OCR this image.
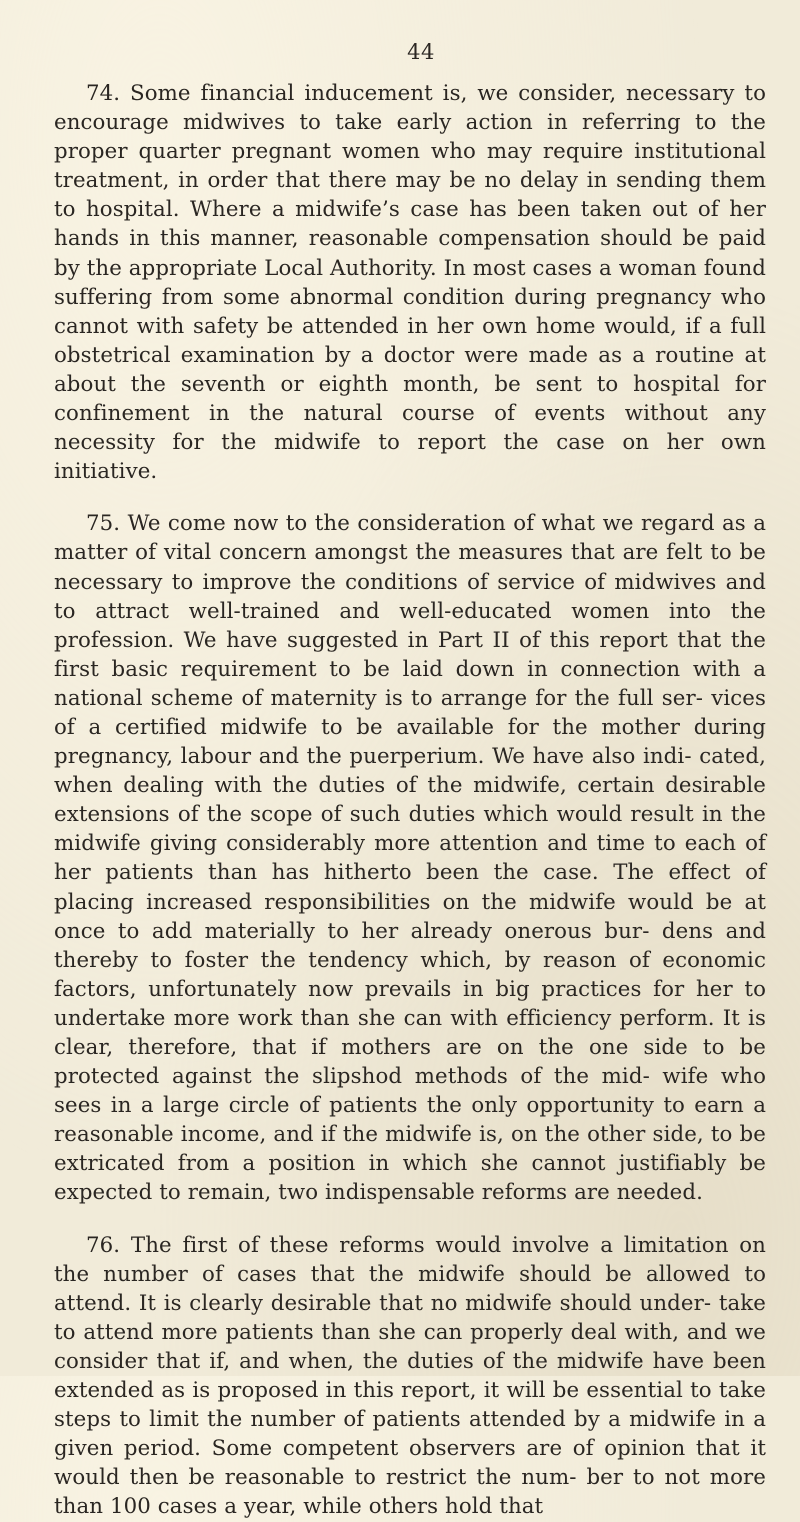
44

74. Some financial inducement is, we consider, necessary to encourage midwives to take early action in referring to the proper quarter pregnant women who may require institutional treatment, in order that there may be no delay in sending them to hospital. Where a midwife’s case has been taken out of her hands in this manner, reasonable compensation should be paid by the appropriate Local Authority. In most cases a woman found suffering from some abnormal condition during pregnancy who cannot with safety be attended in her own home would, if a full obstetrical examination by a doctor were made as a routine at about the seventh or eighth month, be sent to hospital for confinement in the natural course of events without any necessity for the midwife to report the case on her own initiative.

75. We come now to the consideration of what we regard as a matter of vital concern amongst the measures that are felt to be necessary to improve the conditions of service of midwives and to attract well-trained and well-educated women into the profession. We have suggested in Part II of this report that the first basic requirement to be laid down in connection with a national scheme of maternity is to arrange for the full ser- vices of a certified midwife to be available for the mother during pregnancy, labour and the puerperium. We have also indi- cated, when dealing with the duties of the midwife, certain desirable extensions of the scope of such duties which would result in the midwife giving considerably more attention and time to each of her patients than has hitherto been the case. The effect of placing increased responsibilities on the midwife would be at once to add materially to her already onerous bur- dens and thereby to foster the tendency which, by reason of economic factors, unfortunately now prevails in big practices for her to undertake more work than she can with efficiency perform. It is clear, therefore, that if mothers are on the one side to be protected against the slipshod methods of the mid- wife who sees in a large circle of patients the only opportunity to earn a reasonable income, and if the midwife is, on the other side, to be extricated from a position in which she cannot justifiably be expected to remain, two indispensable reforms are needed.

76. The first of these reforms would involve a limitation on the number of cases that the midwife should be allowed to attend. It is clearly desirable that no midwife should under- take to attend more patients than she can properly deal with, and we consider that if, and when, the duties of the midwife have been extended as is proposed in this report, it will be essential to take steps to limit the number of patients attended by a midwife in a given period. Some competent observers are of opinion that it would then be reasonable to restrict the num- ber to not more than 100 cases a year, while others hold that
